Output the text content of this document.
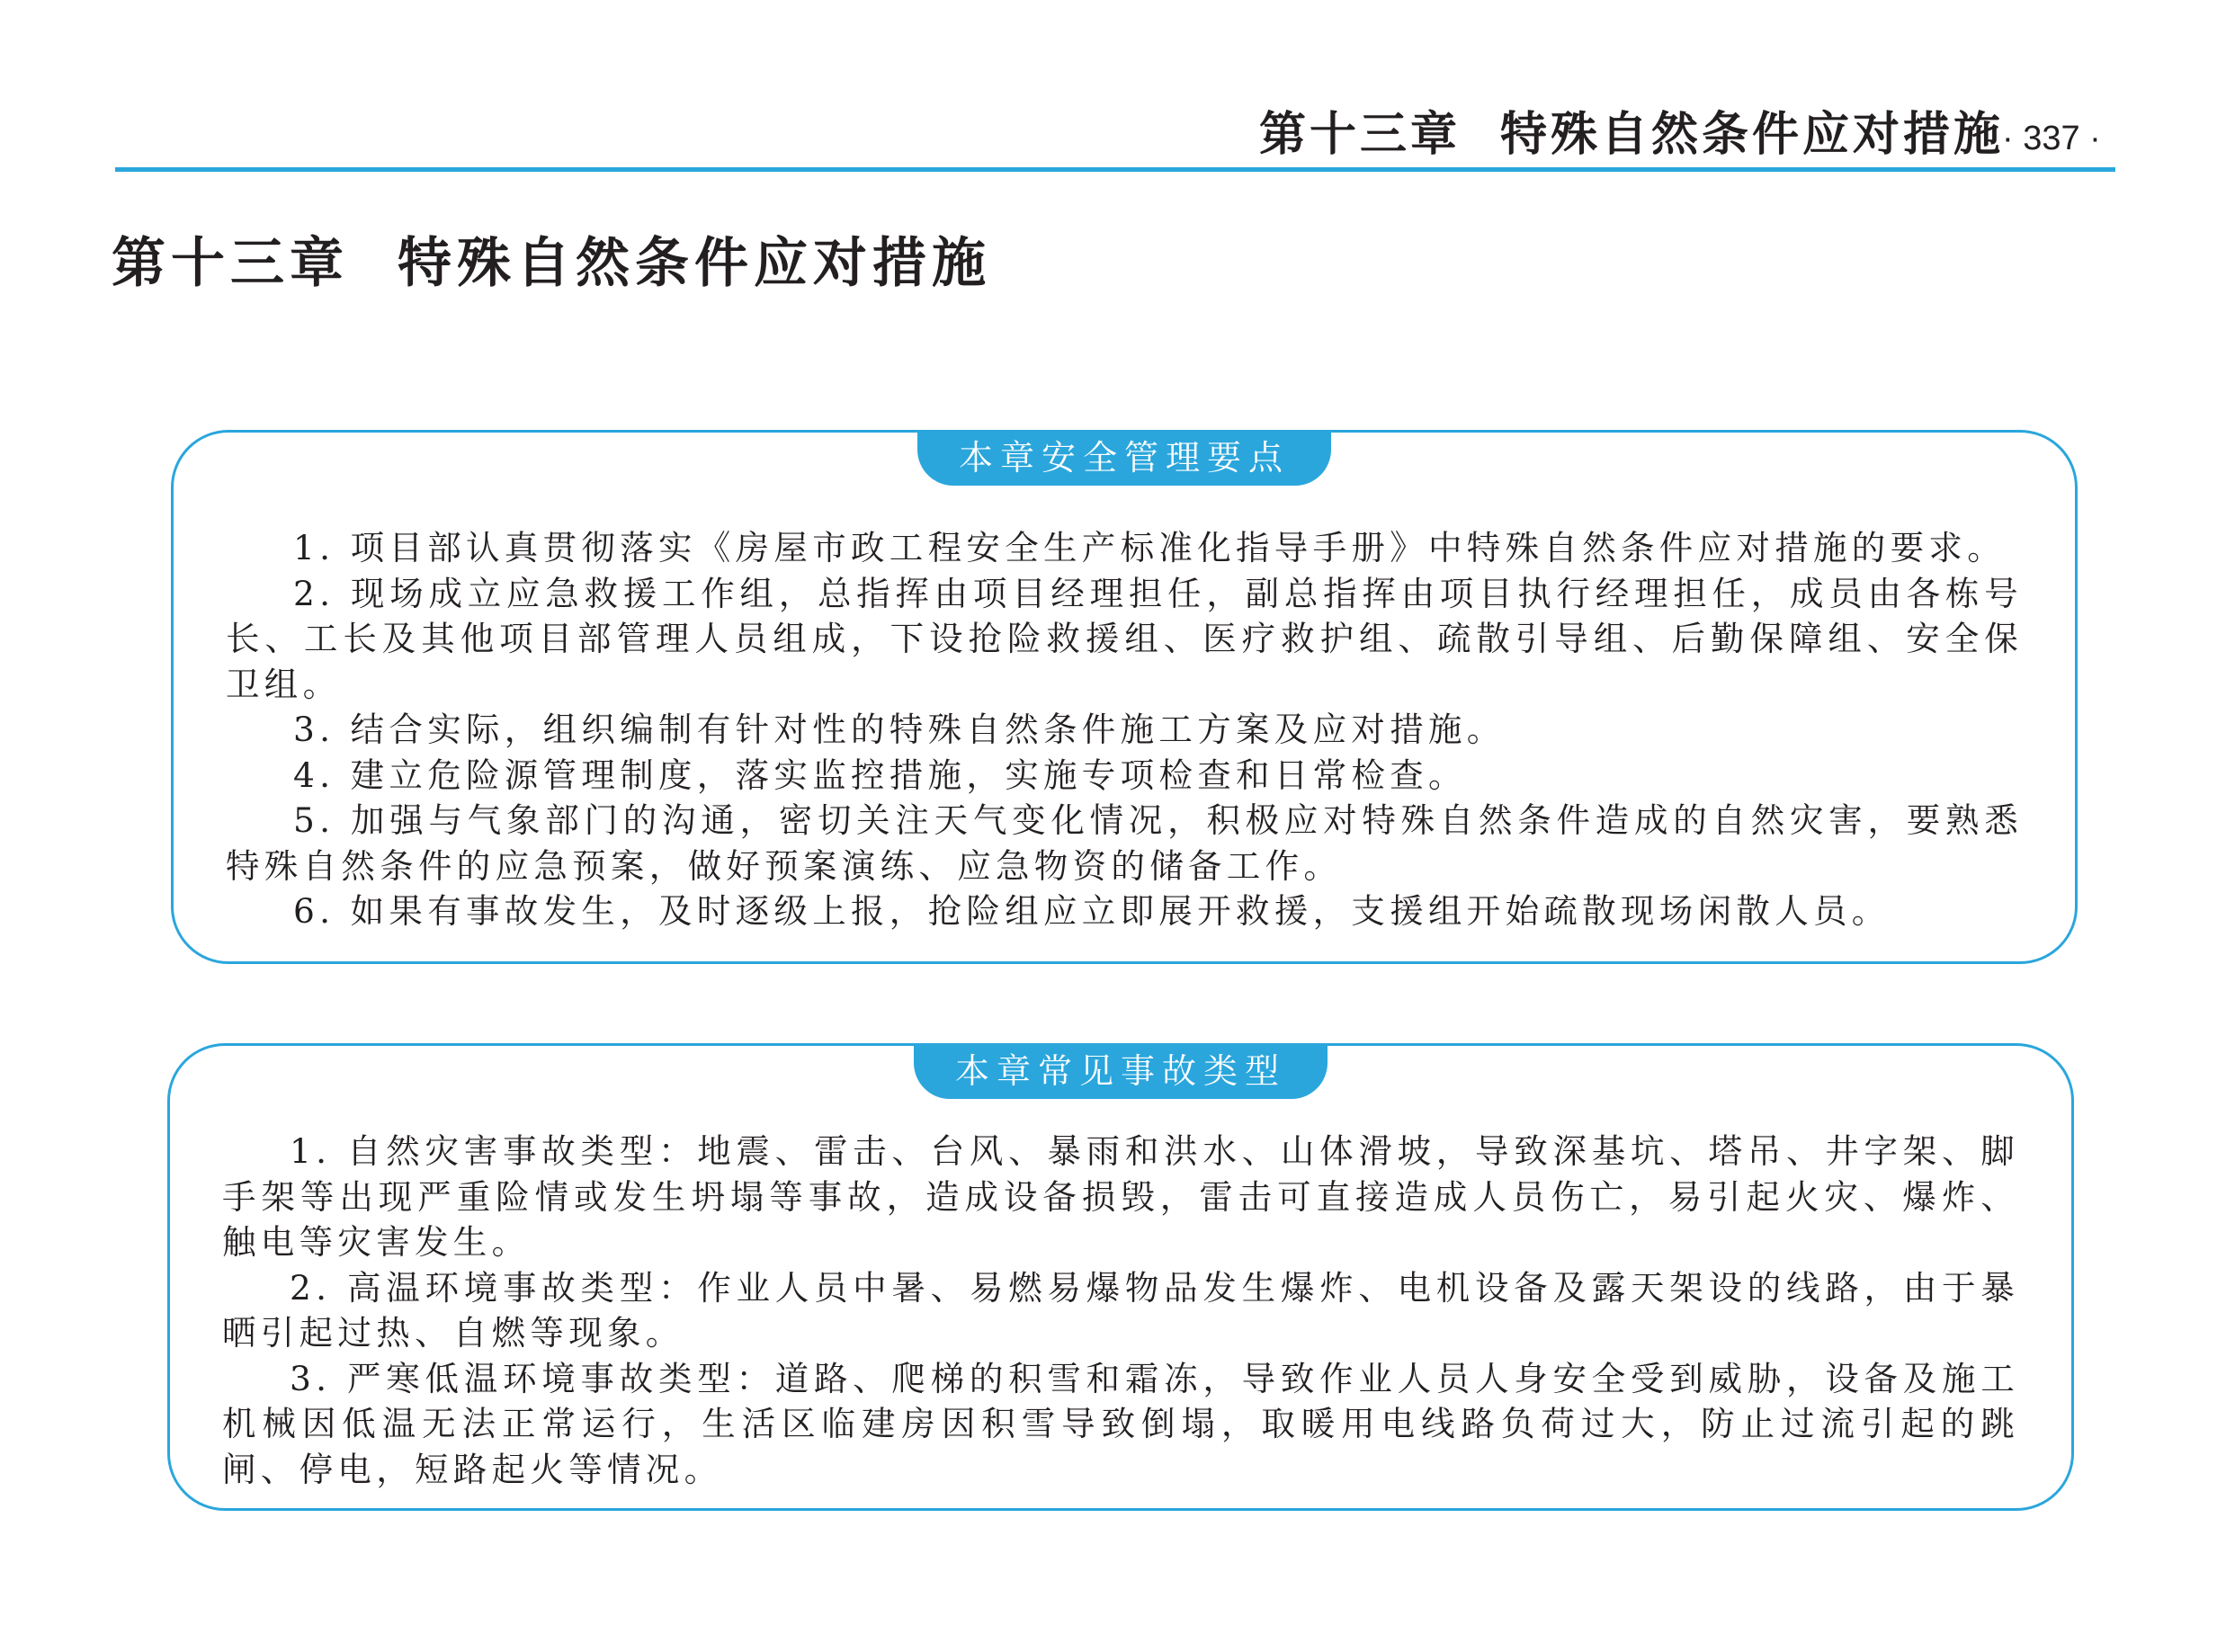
第十三章 特殊自然条件应对措施
· 337 ·
第十三章 特殊自然条件应对措施
本章安全管理要点

1. 项目部认真贯彻落实《房屋市政工程安全生产标准化指导手册》中特殊自然条件应对措施的要求。

2. 现场成立应急救援工作组，总指挥由项目经理担任，副总指挥由项目执行经理担任，成员由各栋号长、工长及其他项目部管理人员组成，下设抢险救援组、医疗救护组、疏散引导组、后勤保障组、安全保卫组。

3. 结合实际，组织编制有针对性的特殊自然条件施工方案及应对措施。

4. 建立危险源管理制度，落实监控措施，实施专项检查和日常检查。

5. 加强与气象部门的沟通，密切关注天气变化情况，积极应对特殊自然条件造成的自然灾害，要熟悉特殊自然条件的应急预案，做好预案演练、应急物资的储备工作。

6. 如果有事故发生，及时逐级上报，抢险组应立即展开救援，支援组开始疏散现场闲散人员。

本章常见事故类型

1. 自然灾害事故类型：地震、雷击、台风、暴雨和洪水、山体滑坡，导致深基坑、塔吊、井字架、脚手架等出现严重险情或发生坍塌等事故，造成设备损毁，雷击可直接造成人员伤亡，易引起火灾、爆炸、触电等灾害发生。

2. 高温环境事故类型：作业人员中暑、易燃易爆物品发生爆炸、电机设备及露天架设的线路，由于暴晒引起过热、自燃等现象。

3. 严寒低温环境事故类型：道路、爬梯的积雪和霜冻，导致作业人员人身安全受到威胁，设备及施工机械因低温无法正常运行，生活区临建房因积雪导致倒塌，取暖用电线路负荷过大，防止过流引起的跳闸、停电，短路起火等情况。
